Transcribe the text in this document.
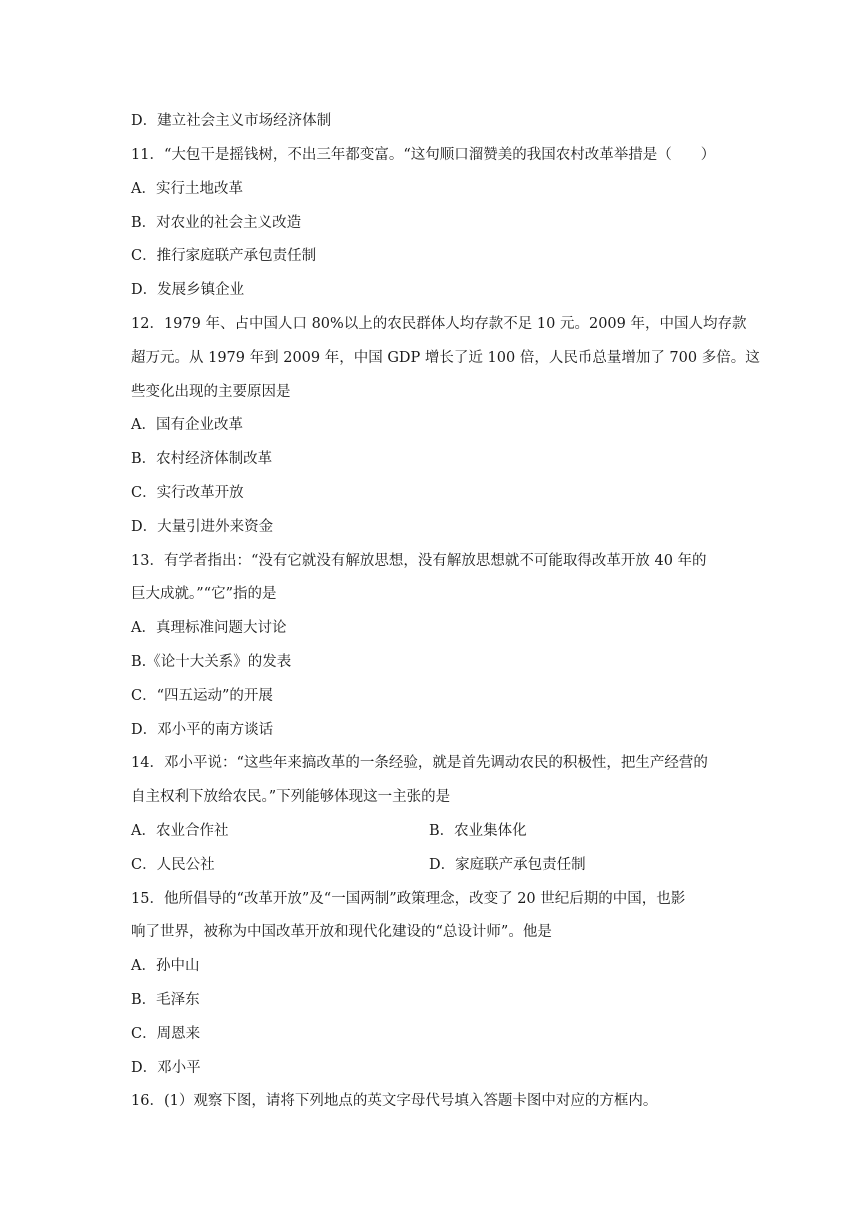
D．建立社会主义市场经济体制
11．“大包干是摇钱树，不出三年都变富。“这句顺口溜赞美的我国农村改革举措是（　　）
A．实行土地改革
B．对农业的社会主义改造
C．推行家庭联产承包责任制
D．发展乡镇企业
12．1979 年、占中国人口 80%以上的农民群体人均存款不足 10 元。2009 年，中国人均存款
超万元。从 1979 年到 2009 年，中国 GDP 增长了近 100 倍，人民币总量增加了 700 多倍。这
些变化出现的主要原因是
A．国有企业改革
B．农村经济体制改革
C．实行改革开放
D．大量引进外来资金
13．有学者指出：“没有它就没有解放思想，没有解放思想就不可能取得改革开放 40 年的
巨大成就。”“它”指的是
A．真理标准问题大讨论
B.《论十大关系》的发表
C．“四五运动”的开展
D．邓小平的南方谈话
14．邓小平说：“这些年来搞改革的一条经验，就是首先调动农民的积极性，把生产经营的
自主权利下放给农民。”下列能够体现这一主张的是
A．农业合作社	B．农业集体化
C．人民公社	D．家庭联产承包责任制
15．他所倡导的“改革开放”及“一国两制”政策理念，改变了 20 世纪后期的中国，也影
响了世界，被称为中国改革开放和现代化建设的“总设计师”。他是
A．孙中山
B．毛泽东
C．周恩来
D．邓小平
16．(1）观察下图，请将下列地点的英文字母代号填入答题卡图中对应的方框内。
